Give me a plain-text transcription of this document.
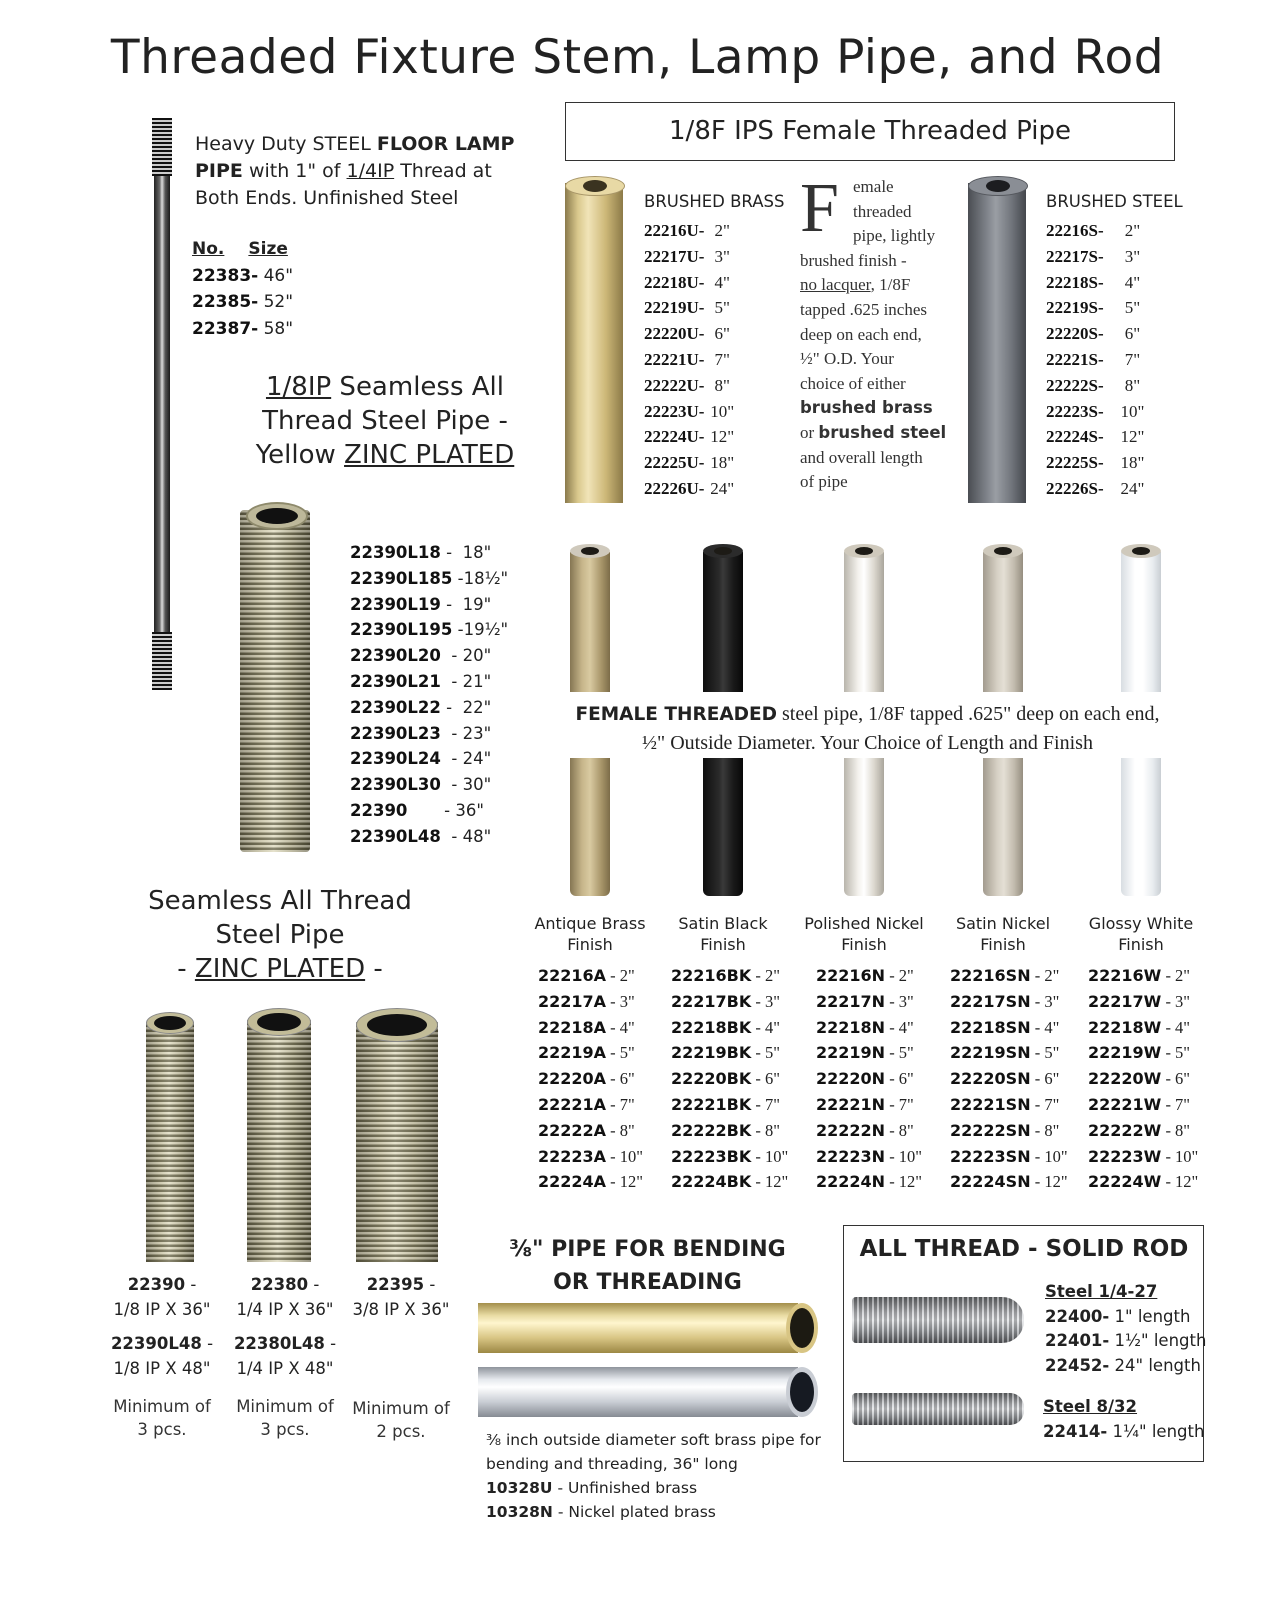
Threaded Fixture Stem, Lamp Pipe, and Rod
Heavy Duty STEEL FLOOR LAMP
PIPE with 1" of 1/4IP Thread at
Both Ends. Unfinished Steel
No. Size
22383- 46"
22385- 52"
22387- 58"
1/8IP Seamless All
Thread Steel Pipe -
Yellow ZINC PLATED
22390L18 -  18"
22390L185 -18½"
22390L19 -  19"
22390L195 -19½"
22390L20  - 20"
22390L21  - 21"
22390L22 -  22"
22390L23  - 23"
22390L24  - 24"
22390L30  - 30"
22390       - 36"
22390L48  - 48"
1/8F IPS Female Threaded Pipe
BRUSHED BRASS
22216U-  2"
22217U-  3"
22218U-  4"
22219U-  5"
22220U-  6"
22221U-  7"
22222U-  8"
22223U- 10"
22224U- 12"
22225U- 18"
22226U- 24"
F emale
threaded
pipe, lightly
brushed finish -
no lacquer, 1/8F
tapped .625 inches
deep on each end,
½" O.D. Your
choice of either
brushed brass
or brushed steel
and overall length
of pipe
BRUSHED STEEL
22216S-   2"
22217S-   3"
22218S-   4"
22219S-   5"
22220S-   6"
22221S-   7"
22222S-   8"
22223S-  10"
22224S-  12"
22225S-  18"
22226S-  24"
FEMALE THREADED steel pipe, 1/8F tapped .625" deep on each end,
½" Outside Diameter. Your Choice of Length and Finish
Antique Brass
Finish
22216A - 2"
22217A - 3"
22218A - 4"
22219A - 5"
22220A - 6"
22221A - 7"
22222A - 8"
22223A - 10"
22224A - 12"
Satin Black
Finish
22216BK - 2"
22217BK - 3"
22218BK - 4"
22219BK - 5"
22220BK - 6"
22221BK - 7"
22222BK - 8"
22223BK - 10"
22224BK - 12"
Polished Nickel
Finish
22216N - 2"
22217N - 3"
22218N - 4"
22219N - 5"
22220N - 6"
22221N - 7"
22222N - 8"
22223N - 10"
22224N - 12"
Satin Nickel
Finish
22216SN - 2"
22217SN - 3"
22218SN - 4"
22219SN - 5"
22220SN - 6"
22221SN - 7"
22222SN - 8"
22223SN - 10"
22224SN - 12"
Glossy White
Finish
22216W - 2"
22217W - 3"
22218W - 4"
22219W - 5"
22220W - 6"
22221W - 7"
22222W - 8"
22223W - 10"
22224W - 12"
Seamless All Thread
Steel Pipe
- ZINC PLATED -
22390 -
1/8 IP X 36"
22390L48 -
1/8 IP X 48"
Minimum of
3 pcs.
22380 -
1/4 IP X 36"
22380L48 -
1/4 IP X 48"
Minimum of
3 pcs.
22395 -
3/8 IP X 36"
Minimum of
2 pcs.
⅜" PIPE FOR BENDING
OR THREADING
⅜ inch outside diameter soft brass pipe for
bending and threading, 36" long
10328U - Unfinished brass
10328N - Nickel plated brass
ALL THREAD - SOLID ROD
Steel 1/4-27
22400- 1" length
22401- 1½" length
22452- 24" length
Steel 8/32
22414- 1¼" length
